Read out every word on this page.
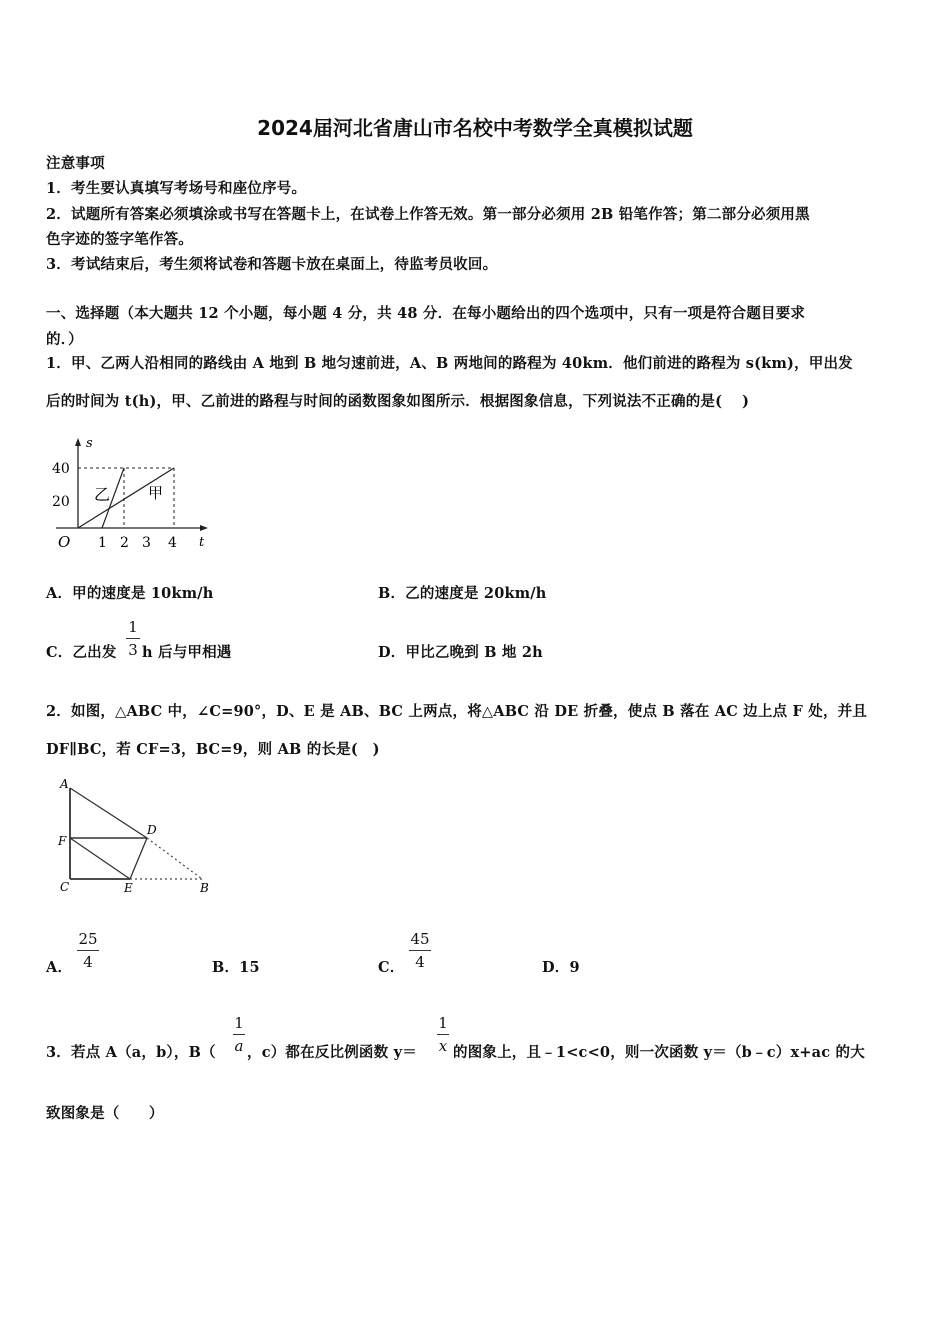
2024届河北省唐山市名校中考数学全真模拟试题
注意事项
1．考生要认真填写考场号和座位序号。
2．试题所有答案必须填涂或书写在答题卡上，在试卷上作答无效。第一部分必须用 2B 铅笔作答；第二部分必须用黑
色字迹的签字笔作答。
3．考试结束后，考生须将试卷和答题卡放在桌面上，待监考员收回。
一、选择题（本大题共 12 个小题，每小题 4 分，共 48 分．在每小题给出的四个选项中，只有一项是符合题目要求
的．）
1．甲、乙两人沿相同的路线由 A 地到 B 地匀速前进，A、B 两地间的路程为 40km．他们前进的路程为 s(km)，甲出发
后的时间为 t(h)，甲、乙前进的路程与时间的函数图象如图所示．根据图象信息，下列说法不正确的是(　 )
s
t
O
40
20
1 2 3 4
乙	甲
A．甲的速度是 10km/h	B．乙的速度是 20km/h
C．乙出发
1
3 h 后与甲相遇	D．甲比乙晚到 B 地 2h
2．如图，△ABC 中，∠C=90°，D、E 是 AB、BC 上两点，将△ABC 沿 DE 折叠，使点 B 落在 AC 边上点 F 处，并且
DF∥BC，若 CF=3，BC=9，则 AB 的长是(　)
A
F
C
D
E	B
A．
25
4	B．15	C．
45
4	D．9
3．若点 A（a，b），B（
1
a ，c）都在反比例函数 y＝
1
x 的图象上，且﹣1<c<0，则一次函数 y＝（b﹣c）x+ac 的大
致图象是（　　）
